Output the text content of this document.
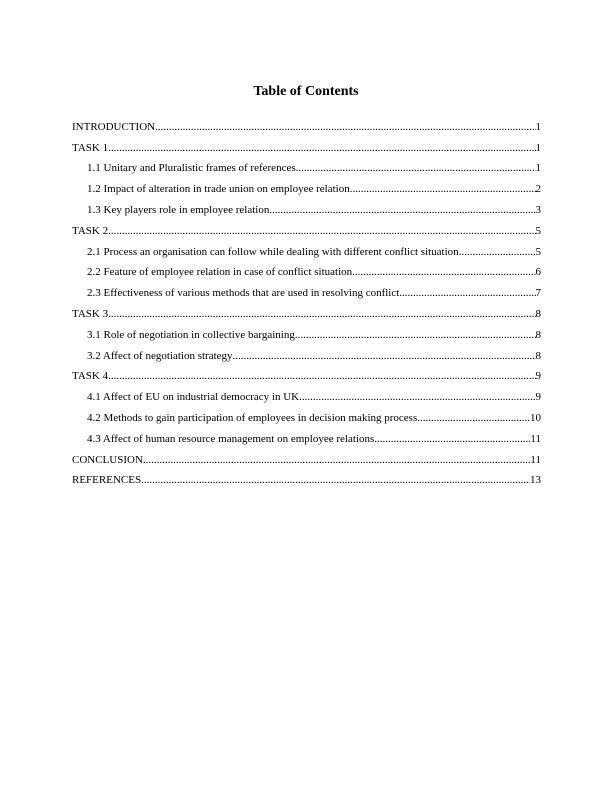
Table of Contents
INTRODUCTION .....	1
TASK 1 .....	1
1.1 Unitary and Pluralistic frames of references .....	1
1.2 Impact of alteration in trade union on employee relation .....	2
1.3 Key players role in employee relation .....	3
TASK 2 .....	5
2.1 Process an organisation can follow while dealing with different conflict situation .....	5
2.2 Feature of employee relation in case of conflict situation .....	6
2.3 Effectiveness of various methods that are used in resolving conflict .....	7
TASK 3 .....	8
3.1 Role of negotiation in collective bargaining .....	8
3.2 Affect of negotiation strategy .....	8
TASK 4 .....	9
4.1 Affect of EU on industrial democracy in UK .....	9
4.2 Methods to gain participation of employees in decision making process .....	10
4.3 Affect of human resource management on employee relations .....	11
CONCLUSION .....	11
REFERENCES .....	13
